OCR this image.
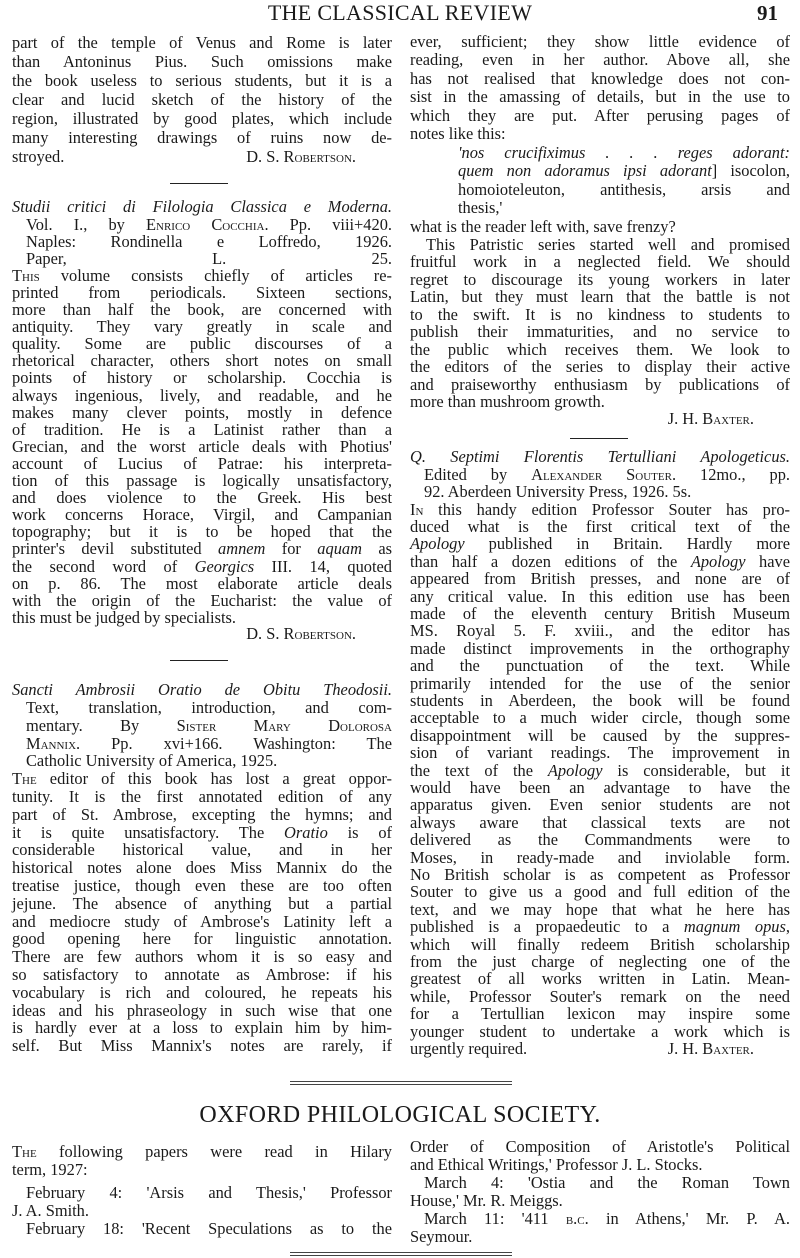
THE CLASSICAL REVIEW	91
OXFORD PHILOLOGICAL SOCIETY.
part of the temple of Venus and Rome is later
than Antoninus Pius. Such omissions make
the book useless to serious students, but it is a
clear and lucid sketch of the history of the
region, illustrated by good plates, which include
many interesting drawings of ruins now de-
stroyed.	D. S. Robertson.
Studii critici di Filologia Classica e Moderna.
Vol. I., by Enrico Cocchia. Pp. viii+420.
Naples: Rondinella e Loffredo, 1926.
Paper, L. 25.
This volume consists chiefly of articles re-
printed from periodicals. Sixteen sections,
more than half the book, are concerned with
antiquity. They vary greatly in scale and
quality. Some are public discourses of a
rhetorical character, others short notes on small
points of history or scholarship. Cocchia is
always ingenious, lively, and readable, and he
makes many clever points, mostly in defence
of tradition. He is a Latinist rather than a
Grecian, and the worst article deals with Photius'
account of Lucius of Patrae: his interpreta-
tion of this passage is logically unsatisfactory,
and does violence to the Greek. His best
work concerns Horace, Virgil, and Campanian
topography; but it is to be hoped that the
printer's devil substituted amnem for aquam as
the second word of Georgics III. 14, quoted
on p. 86. The most elaborate article deals
with the origin of the Eucharist: the value of
this must be judged by specialists.
D. S. Robertson.
Sancti Ambrosii Oratio de Obitu Theodosii.
Text, translation, introduction, and com-
mentary. By Sister Mary Dolorosa
Mannix. Pp. xvi+166. Washington: The
Catholic University of America, 1925.
The editor of this book has lost a great oppor-
tunity. It is the first annotated edition of any
part of St. Ambrose, excepting the hymns; and
it is quite unsatisfactory. The Oratio is of
considerable historical value, and in her
historical notes alone does Miss Mannix do the
treatise justice, though even these are too often
jejune. The absence of anything but a partial
and mediocre study of Ambrose's Latinity left a
good opening here for linguistic annotation.
There are few authors whom it is so easy and
so satisfactory to annotate as Ambrose: if his
vocabulary is rich and coloured, he repeats his
ideas and his phraseology in such wise that one
is hardly ever at a loss to explain him by him-
self. But Miss Mannix's notes are rarely, if
ever, sufficient; they show little evidence of
reading, even in her author. Above all, she
has not realised that knowledge does not con-
sist in the amassing of details, but in the use to
which they are put. After perusing pages of
notes like this:
'nos crucifiximus . . . reges adorant:
quem non adoramus ipsi adorant] isocolon,
homoioteleuton, antithesis, arsis and
thesis,'
what is the reader left with, save frenzy?
This Patristic series started well and promised
fruitful work in a neglected field. We should
regret to discourage its young workers in later
Latin, but they must learn that the battle is not
to the swift. It is no kindness to students to
publish their immaturities, and no service to
the public which receives them. We look to
the editors of the series to display their active
and praiseworthy enthusiasm by publications of
more than mushroom growth.
J. H. Baxter.
Q. Septimi Florentis Tertulliani Apologeticus.
Edited by Alexander Souter. 12mo., pp.
92. Aberdeen University Press, 1926. 5s.
In this handy edition Professor Souter has pro-
duced what is the first critical text of the
Apology published in Britain. Hardly more
than half a dozen editions of the Apology have
appeared from British presses, and none are of
any critical value. In this edition use has been
made of the eleventh century British Museum
MS. Royal 5. F. xviii., and the editor has
made distinct improvements in the orthography
and the punctuation of the text. While
primarily intended for the use of the senior
students in Aberdeen, the book will be found
acceptable to a much wider circle, though some
disappointment will be caused by the suppres-
sion of variant readings. The improvement in
the text of the Apology is considerable, but it
would have been an advantage to have the
apparatus given. Even senior students are not
always aware that classical texts are not
delivered as the Commandments were to
Moses, in ready-made and inviolable form.
No British scholar is as competent as Professor
Souter to give us a good and full edition of the
text, and we may hope that what he here has
published is a propaedeutic to a magnum opus,
which will finally redeem British scholarship
from the just charge of neglecting one of the
greatest of all works written in Latin. Mean-
while, Professor Souter's remark on the need
for a Tertullian lexicon may inspire some
younger student to undertake a work which is
urgently required.	J. H. Baxter.
The following papers were read in Hilary
term, 1927:
February 4: 'Arsis and Thesis,' Professor
J. A. Smith.
February 18: 'Recent Speculations as to the
Order of Composition of Aristotle's Political
and Ethical Writings,' Professor J. L. Stocks.
March 4: 'Ostia and the Roman Town
House,' Mr. R. Meiggs.
March 11: '411 b.c. in Athens,' Mr. P. A.
Seymour.
